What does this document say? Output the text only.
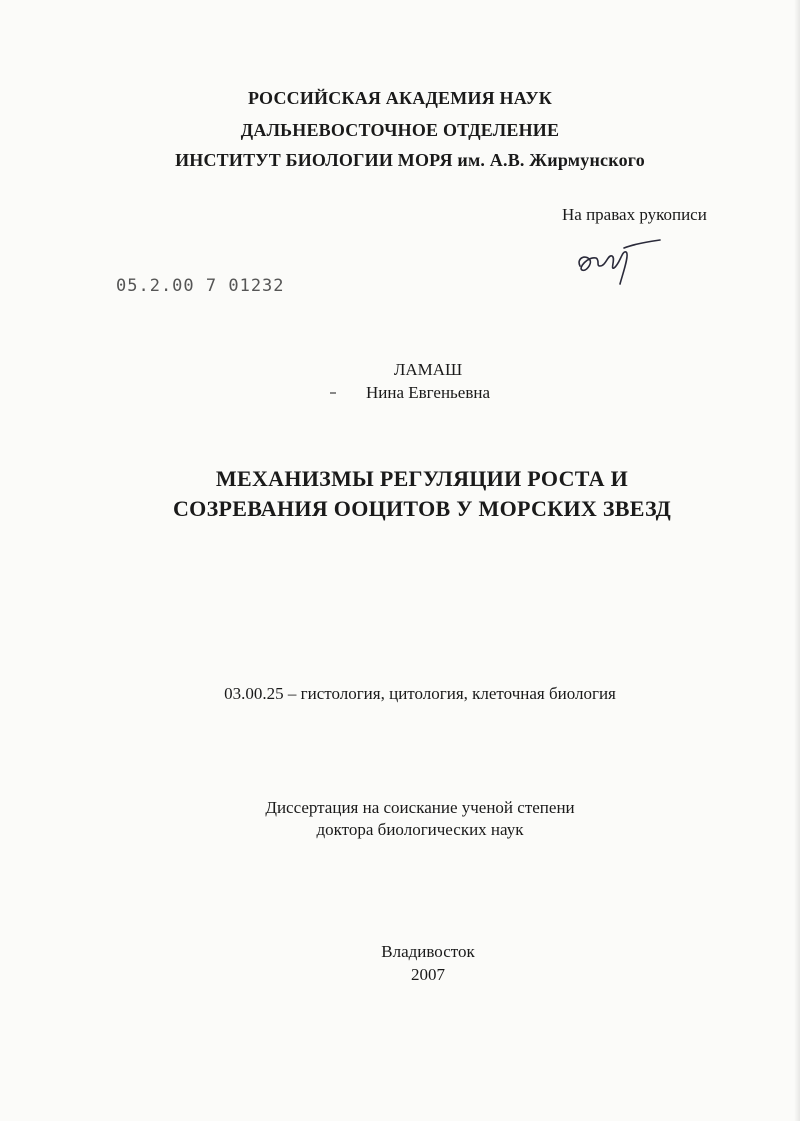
РОССИЙСКАЯ АКАДЕМИЯ НАУК
ДАЛЬНЕВОСТОЧНОЕ ОТДЕЛЕНИЕ
ИНСТИТУТ БИОЛОГИИ МОРЯ им. А.В. Жирмунского
На правах рукописи
05.2.00 7 01232
ЛАМАШ
Нина Евгеньевна
МЕХАНИЗМЫ РЕГУЛЯЦИИ РОСТА И
СОЗРЕВАНИЯ ООЦИТОВ У МОРСКИХ ЗВЕЗД
03.00.25 – гистология, цитология, клеточная биология
Диссертация на соискание ученой степени
доктора биологических наук
Владивосток
2007
